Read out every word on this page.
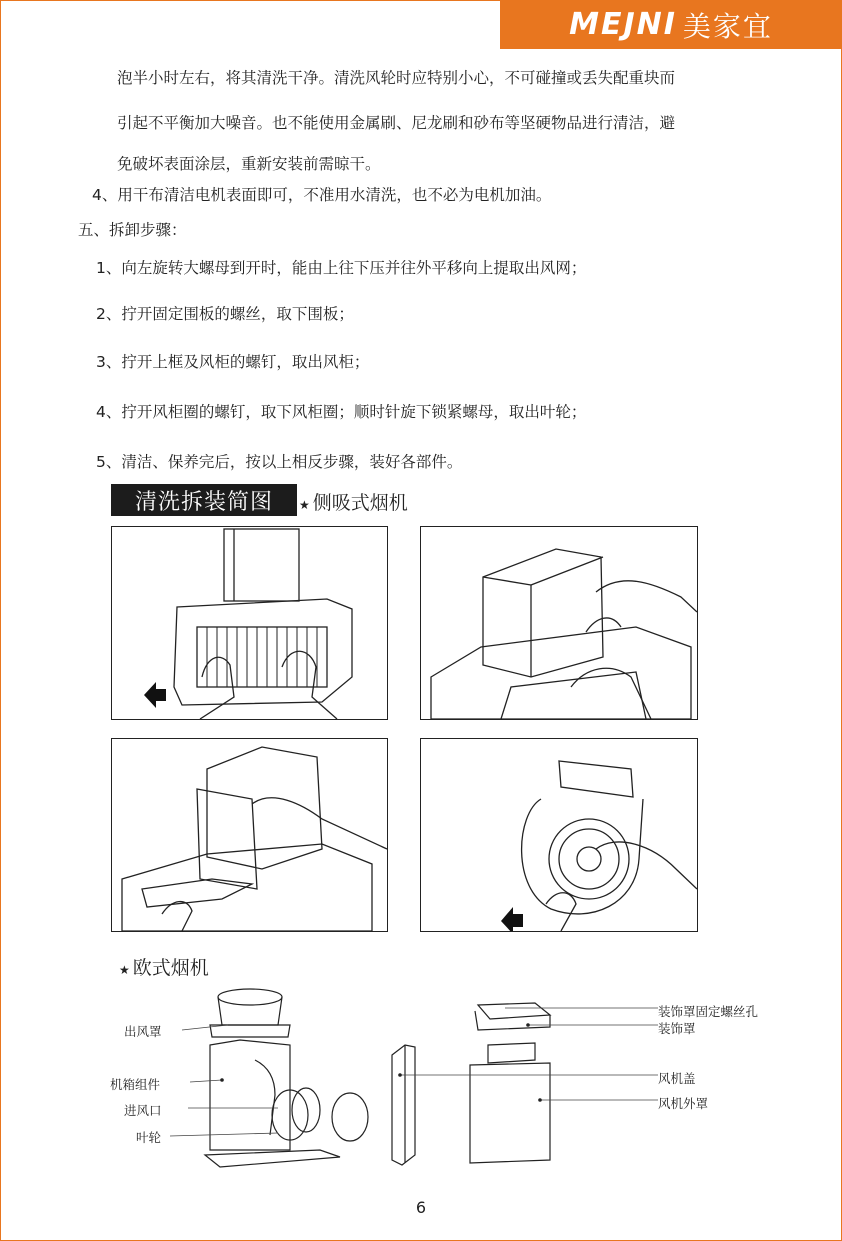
MEJNI 美家宜
泡半小时左右，将其清洗干净。清洗风轮时应特别小心，不可碰撞或丢失配重块而
引起不平衡加大噪音。也不能使用金属刷、尼龙刷和砂布等坚硬物品进行清洁，避
免破坏表面涂层，重新安装前需晾干。
4、用干布清洁电机表面即可，不准用水清洗，也不必为电机加油。
五、拆卸步骤：
1、向左旋转大螺母到开时，能由上往下压并往外平移向上提取出风网；
2、拧开固定围板的螺丝，取下围板；
3、拧开上框及风柜的螺钉，取出风柜；
4、拧开风柜圈的螺钉，取下风柜圈；顺时针旋下锁紧螺母，取出叶轮；
5、清洁、保养完后，按以上相反步骤，装好各部件。
清洗拆装简图	★ 侧吸式烟机
★ 欧式烟机
出风罩
机箱组件
进风口
叶轮
装饰罩固定螺丝孔
装饰罩
风机盖
风机外罩
6
